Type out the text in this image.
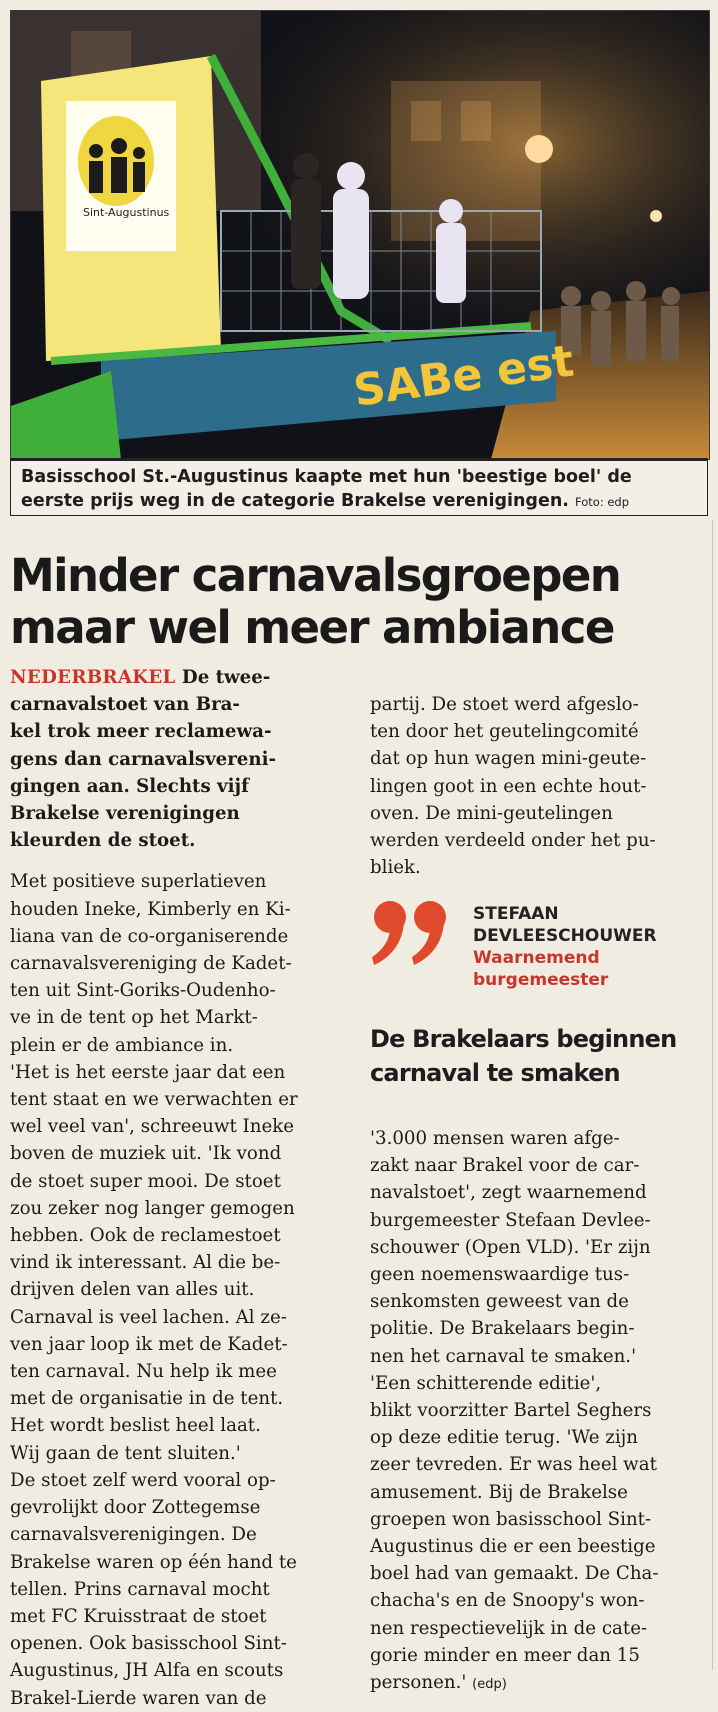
Sint-Augustinus
SABe est
Basisschool St.-Augustinus kaapte met hun 'beestige boel' de
eerste prijs weg in de categorie Brakelse verenigingen. Foto: edp
Minder carnavalsgroepen
maar wel meer ambiance
NEDERBRAKEL De twee-
carnavalstoet van Bra-
kel trok meer reclamewa-
gens dan carnavalsvereni-
gingen aan. Slechts vijf
Brakelse verenigingen
kleurden de stoet.
Met positieve superlatieven
houden Ineke, Kimberly en Ki-
liana van de co-organiserende
carnavalsvereniging de Kadet-
ten uit Sint-Goriks-Oudenho-
ve in de tent op het Markt-
plein er de ambiance in.
'Het is het eerste jaar dat een
tent staat en we verwachten er
wel veel van', schreeuwt Ineke
boven de muziek uit. 'Ik vond
de stoet super mooi. De stoet
zou zeker nog langer gemogen
hebben. Ook de reclamestoet
vind ik interessant. Al die be-
drijven delen van alles uit.
Carnaval is veel lachen. Al ze-
ven jaar loop ik met de Kadet-
ten carnaval. Nu help ik mee
met de organisatie in de tent.
Het wordt beslist heel laat.
Wij gaan de tent sluiten.'
De stoet zelf werd vooral op-
gevrolijkt door Zottegemse
carnavalsverenigingen. De
Brakelse waren op één hand te
tellen. Prins carnaval mocht
met FC Kruisstraat de stoet
openen. Ook basisschool Sint-
Augustinus, JH Alfa en scouts
Brakel-Lierde waren van de
partij. De stoet werd afgeslo-
ten door het geutelingcomité
dat op hun wagen mini-geute-
lingen goot in een echte hout-
oven. De mini-geutelingen
werden verdeeld onder het pu-
bliek.
STEFAAN
DEVLEESCHOUWER
Waarnemend
burgemeester
De Brakelaars beginnen
carnaval te smaken
'3.000 mensen waren afge-
zakt naar Brakel voor de car-
navalstoet', zegt waarnemend
burgemeester Stefaan Devlee-
schouwer (Open VLD). 'Er zijn
geen noemenswaardige tus-
senkomsten geweest van de
politie. De Brakelaars begin-
nen het carnaval te smaken.'
'Een schitterende editie',
blikt voorzitter Bartel Seghers
op deze editie terug. 'We zijn
zeer tevreden. Er was heel wat
amusement. Bij de Brakelse
groepen won basisschool Sint-
Augustinus die er een beestige
boel had van gemaakt. De Cha-
chacha's en de Snoopy's won-
nen respectievelijk in de cate-
gorie minder en meer dan 15
personen.' (edp)
